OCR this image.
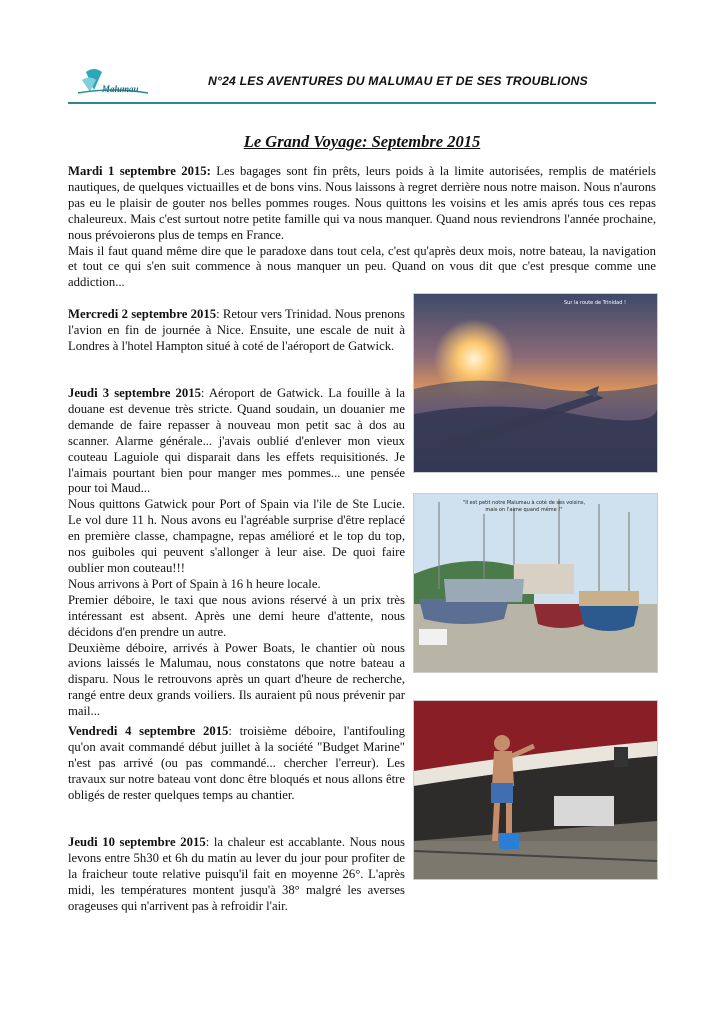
Malumau
N°24 LES AVENTURES DU MALUMAU ET DE SES TROUBLIONS
Le Grand Voyage: Septembre 2015
Mardi 1 septembre 2015: Les bagages sont fin prêts, leurs poids à la limite autorisées, remplis de matériels nautiques, de quelques victuailles et de bons vins. Nous laissons à regret derrière nous notre maison. Nous n'aurons pas eu le plaisir de gouter nos belles pommes rouges. Nous quittons les voisins et les amis aprés tous ces repas chaleureux. Mais c'est surtout notre petite famille qui va nous manquer. Quand nous reviendrons l'année prochaine, nous prévoierons plus de temps en France.
Mais il faut quand même dire que le paradoxe dans tout cela, c'est qu'après deux mois, notre bateau, la navigation et tout ce qui s'en suit commence à nous manquer un peu. Quand on vous dit que c'est presque comme une addiction...
Mercredi 2 septembre 2015: Retour vers Trinidad. Nous prenons l'avion en fin de journée à Nice. Ensuite, une escale de nuit à Londres à l'hotel Hampton situé à coté de l'aéroport de Gatwick.
Jeudi 3 septembre 2015: Aéroport de Gatwick. La fouille à la douane est devenue très stricte. Quand soudain, un douanier me demande de faire repasser à nouveau mon petit sac à dos au scanner. Alarme générale... j'avais oublié d'enlever mon vieux couteau Laguiole qui disparait dans les effets requisitionés. Je l'aimais pourtant bien pour manger mes pommes... une pensée pour toi Maud...
Nous quittons Gatwick pour Port of Spain via l'ile de Ste Lucie. Le vol dure 11 h. Nous avons eu l'agréable surprise d'être replacé en première classe, champagne, repas amélioré et le top du top, nos guiboles qui peuvent s'allonger à leur aise. De quoi faire oublier mon couteau!!!
Nous arrivons à Port of Spain à 16 h heure locale.
Premier déboire, le taxi que nous avions réservé à un prix très intéressant est absent. Après une demi heure d'attente, nous décidons d'en prendre un autre.
Deuxième déboire, arrivés à Power Boats, le chantier où nous avions laissés le Malumau, nous constatons que notre bateau a disparu. Nous le retrouvons après un quart d'heure de recherche, rangé entre deux grands voiliers. Ils auraient pû nous prévenir par mail...
Vendredi 4 septembre 2015: troisième déboire, l'antifouling qu'on avait commandé début juillet à la société "Budget Marine" n'est pas arrivé (ou pas commandé... chercher l'erreur). Les travaux sur notre bateau vont donc être bloqués et nous allons être obligés de rester quelques temps au chantier.
Jeudi 10 septembre 2015: la chaleur est accablante. Nous nous levons entre 5h30 et 6h du matin au lever du jour pour profiter de la fraicheur toute relative puisqu'il fait en moyenne 26°. L'après midi, les températures montent jusqu'à 38° malgré les averses orageuses qui n'arrivent pas à refroidir l'air.
Sur la route de Trinidad !
"Il est petit notre Malumau à coté de ses voisins,
mais on l'aime quand même !"
